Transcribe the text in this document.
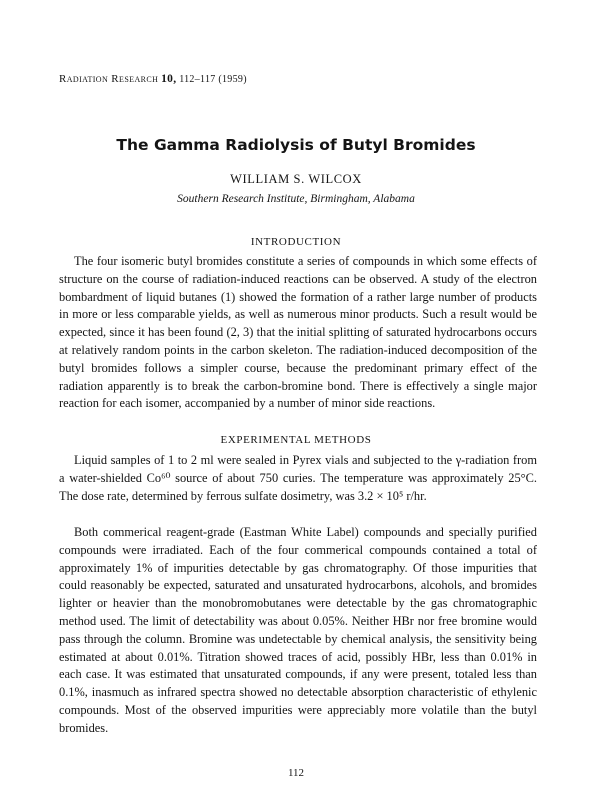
Radiation Research 10, 112–117 (1959)
The Gamma Radiolysis of Butyl Bromides
WILLIAM S. WILCOX
Southern Research Institute, Birmingham, Alabama
INTRODUCTION
The four isomeric butyl bromides constitute a series of compounds in which some effects of structure on the course of radiation-induced reactions can be observed. A study of the electron bombardment of liquid butanes (1) showed the formation of a rather large number of products in more or less comparable yields, as well as numerous minor products. Such a result would be expected, since it has been found (2, 3) that the initial splitting of saturated hydrocarbons occurs at relatively random points in the carbon skeleton. The radiation-induced decomposition of the butyl bromides follows a simpler course, because the predominant primary effect of the radiation apparently is to break the carbon-bromine bond. There is effectively a single major reaction for each isomer, accompanied by a number of minor side reactions.
EXPERIMENTAL METHODS
Liquid samples of 1 to 2 ml were sealed in Pyrex vials and subjected to the γ-radiation from a water-shielded Co⁶⁰ source of about 750 curies. The temperature was approximately 25°C. The dose rate, determined by ferrous sulfate dosimetry, was 3.2 × 10⁵ r/hr.
Both commerical reagent-grade (Eastman White Label) compounds and specially purified compounds were irradiated. Each of the four commerical compounds contained a total of approximately 1% of impurities detectable by gas chromatography. Of those impurities that could reasonably be expected, saturated and unsaturated hydrocarbons, alcohols, and bromides lighter or heavier than the monobromobutanes were detectable by the gas chromatographic method used. The limit of detectability was about 0.05%. Neither HBr nor free bromine would pass through the column. Bromine was undetectable by chemical analysis, the sensitivity being estimated at about 0.01%. Titration showed traces of acid, possibly HBr, less than 0.01% in each case. It was estimated that unsaturated compounds, if any were present, totaled less than 0.1%, inasmuch as infrared spectra showed no detectable absorption characteristic of ethylenic compounds. Most of the observed impurities were appreciably more volatile than the butyl bromides.
112
